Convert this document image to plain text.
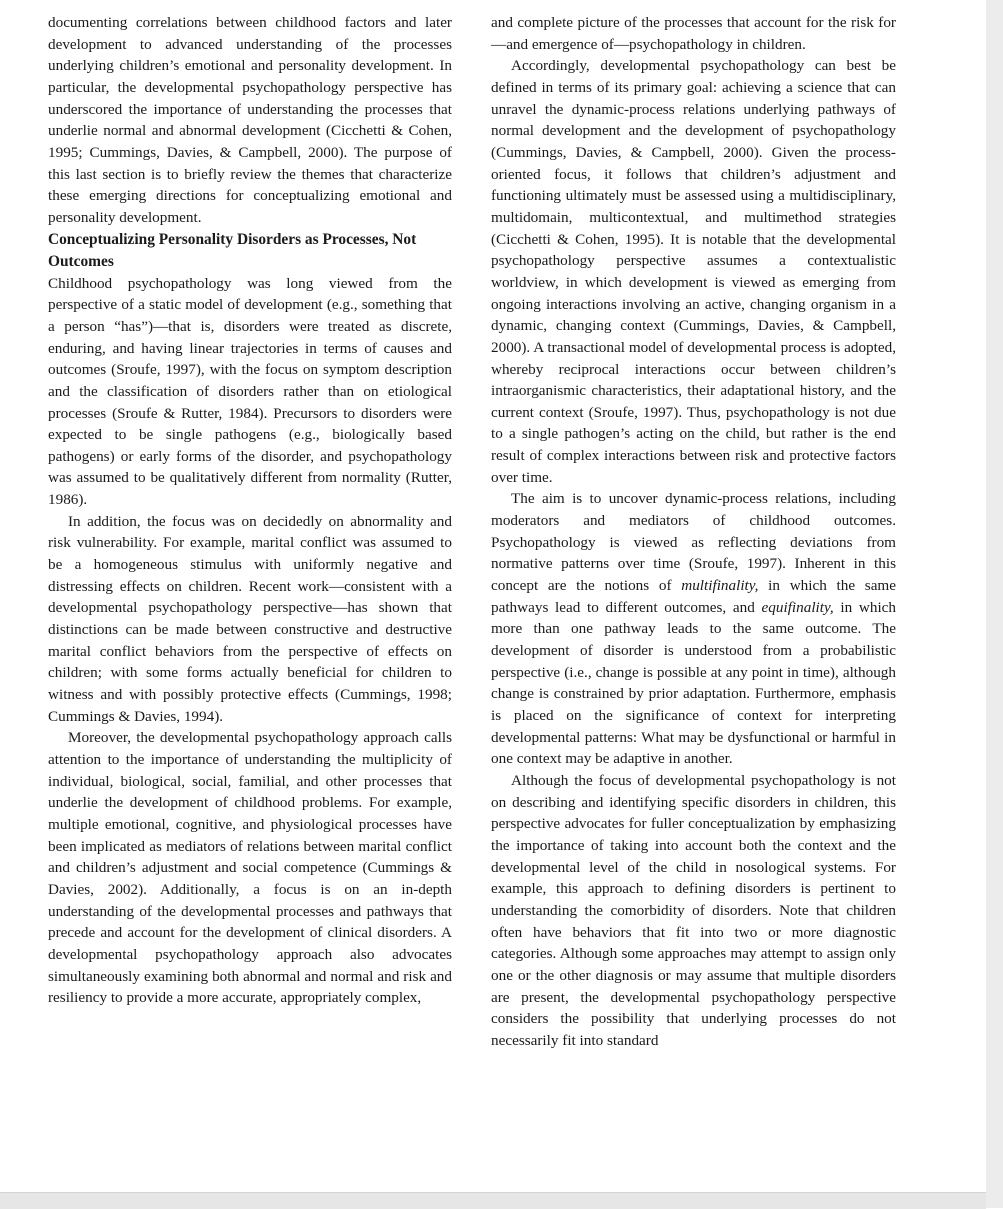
documenting correlations between childhood factors and later development to advanced understanding of the processes underlying children’s emotional and personality development. In particular, the developmental psychopathology perspective has underscored the importance of understanding the processes that underlie normal and abnormal development (Cicchetti & Cohen, 1995; Cummings, Davies, & Campbell, 2000). The purpose of this last section is to briefly review the themes that characterize these emerging directions for conceptualizing emotional and personality development.

Conceptualizing Personality Disorders as Processes, Not Outcomes

Childhood psychopathology was long viewed from the perspective of a static model of development (e.g., something that a person “has”)—that is, disorders were treated as discrete, enduring, and having linear trajectories in terms of causes and outcomes (Sroufe, 1997), with the focus on symptom description and the classification of disorders rather than on etiological processes (Sroufe & Rutter, 1984). Precursors to disorders were expected to be single pathogens (e.g., biologically based pathogens) or early forms of the disorder, and psychopathology was assumed to be qualitatively different from normality (Rutter, 1986).

In addition, the focus was on decidedly on abnormality and risk vulnerability. For example, marital conflict was assumed to be a homogeneous stimulus with uniformly negative and distressing effects on children. Recent work—consistent with a developmental psychopathology perspective—has shown that distinctions can be made between constructive and destructive marital conflict behaviors from the perspective of effects on children; with some forms actually beneficial for children to witness and with possibly protective effects (Cummings, 1998; Cummings & Davies, 1994).

Moreover, the developmental psychopathology approach calls attention to the importance of understanding the multiplicity of individual, biological, social, familial, and other processes that underlie the development of childhood problems. For example, multiple emotional, cognitive, and physiological processes have been implicated as mediators of relations between marital conflict and children’s adjustment and social competence (Cummings & Davies, 2002). Additionally, a focus is on an in-depth understanding of the developmental processes and pathways that precede and account for the development of clinical disorders. A developmental psychopathology approach also advocates simultaneously examining both abnormal and normal and risk and resiliency to provide a more accurate, appropriately complex,

and complete picture of the processes that account for the risk for—and emergence of—psychopathology in children.

Accordingly, developmental psychopathology can best be defined in terms of its primary goal: achieving a science that can unravel the dynamic-process relations underlying pathways of normal development and the development of psychopathology (Cummings, Davies, & Campbell, 2000). Given the process-oriented focus, it follows that children’s adjustment and functioning ultimately must be assessed using a multidisciplinary, multidomain, multicontextual, and multimethod strategies (Cicchetti & Cohen, 1995). It is notable that the developmental psychopathology perspective assumes a contextualistic worldview, in which development is viewed as emerging from ongoing interactions involving an active, changing organism in a dynamic, changing context (Cummings, Davies, & Campbell, 2000). A transactional model of developmental process is adopted, whereby reciprocal interactions occur between children’s intraorganismic characteristics, their adaptational history, and the current context (Sroufe, 1997). Thus, psychopathology is not due to a single pathogen’s acting on the child, but rather is the end result of complex interactions between risk and protective factors over time.

The aim is to uncover dynamic-process relations, including moderators and mediators of childhood outcomes. Psychopathology is viewed as reflecting deviations from normative patterns over time (Sroufe, 1997). Inherent in this concept are the notions of multifinality, in which the same pathways lead to different outcomes, and equifinality, in which more than one pathway leads to the same outcome. The development of disorder is understood from a probabilistic perspective (i.e., change is possible at any point in time), although change is constrained by prior adaptation. Furthermore, emphasis is placed on the significance of context for interpreting developmental patterns: What may be dysfunctional or harmful in one context may be adaptive in another.

Although the focus of developmental psychopathology is not on describing and identifying specific disorders in children, this perspective advocates for fuller conceptualization by emphasizing the importance of taking into account both the context and the developmental level of the child in nosological systems. For example, this approach to defining disorders is pertinent to understanding the comorbidity of disorders. Note that children often have behaviors that fit into two or more diagnostic categories. Although some approaches may attempt to assign only one or the other diagnosis or may assume that multiple disorders are present, the developmental psychopathology perspective considers the possibility that underlying processes do not necessarily fit into standard
